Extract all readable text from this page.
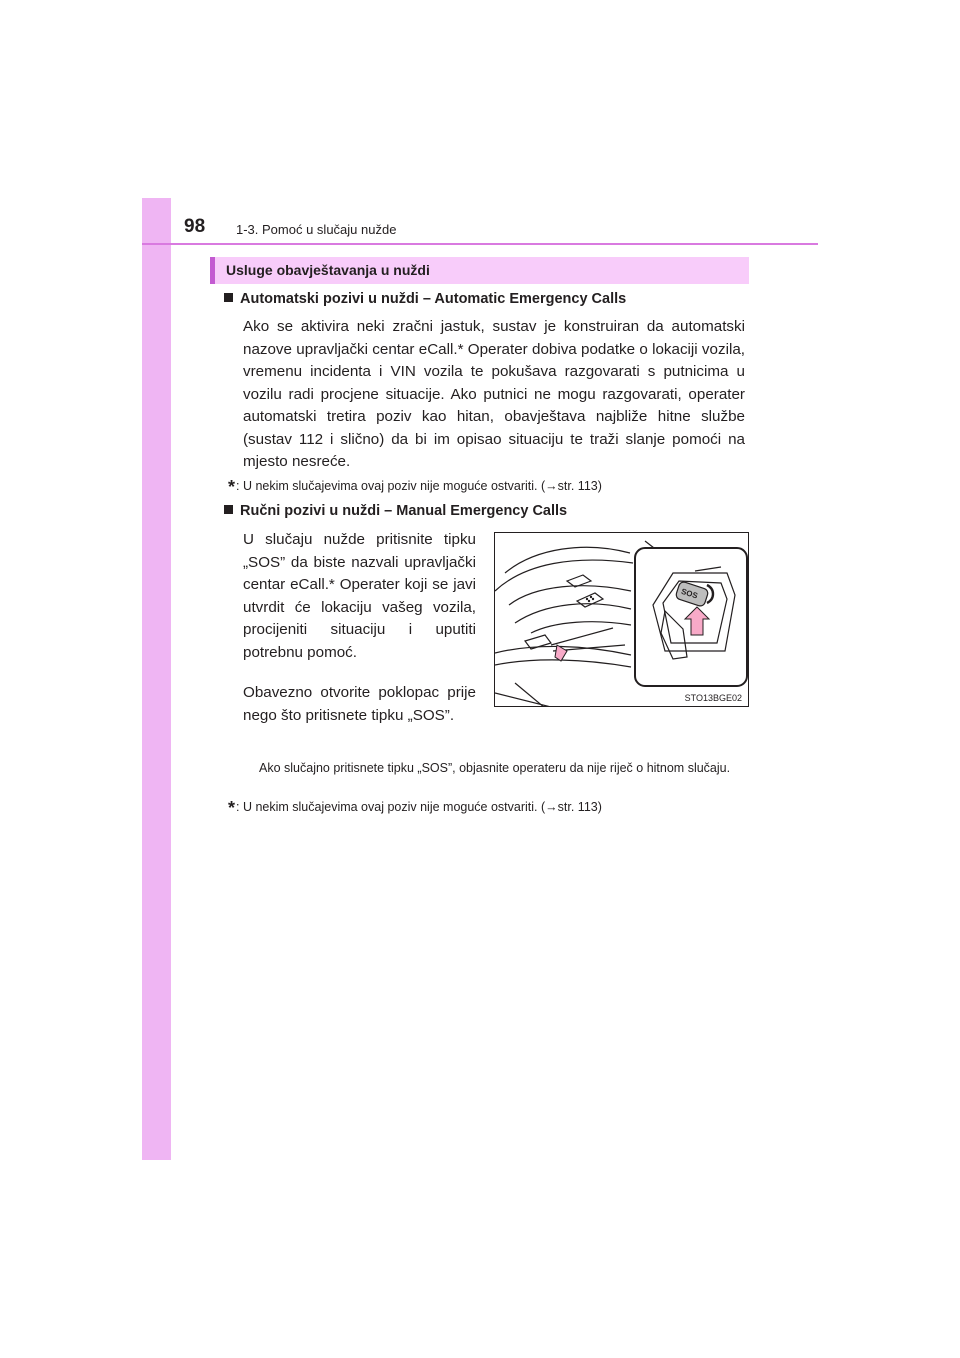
98 1-3. Pomoć u slučaju nužde
Usluge obavještavanja u nuždi
Automatski pozivi u nuždi – Automatic Emergency Calls
Ako se aktivira neki zračni jastuk, sustav je konstruiran da automatski nazove upravljački centar eCall.* Operater dobiva podatke o lokaciji vozila, vremenu incidenta i VIN vozila te pokušava razgovarati s putnicima u vozilu radi procjene situacije. Ako putnici ne mogu razgovarati, operater automatski tretira poziv kao hitan, obavještava najbliže hitne službe (sustav 112 i slično) da bi im opisao situaciju te traži slanje pomoći na mjesto nesreće.
*: U nekim slučajevima ovaj poziv nije moguće ostvariti. (→str. 113)
Ručni pozivi u nuždi – Manual Emergency Calls
U slučaju nužde pritisnite tipku „SOS” da biste nazvali upravljački centar eCall.* Operater koji se javi utvrdit će lokaciju vašeg vozila, procijeniti situaciju i uputiti potrebnu pomoć.
Obavezno otvorite poklopac prije nego što pritisnete tipku „SOS”.
SOS
STO13BGE02
Ako slučajno pritisnete tipku „SOS”, objasnite operateru da nije riječ o hitnom slučaju.
*: U nekim slučajevima ovaj poziv nije moguće ostvariti. (→str. 113)
